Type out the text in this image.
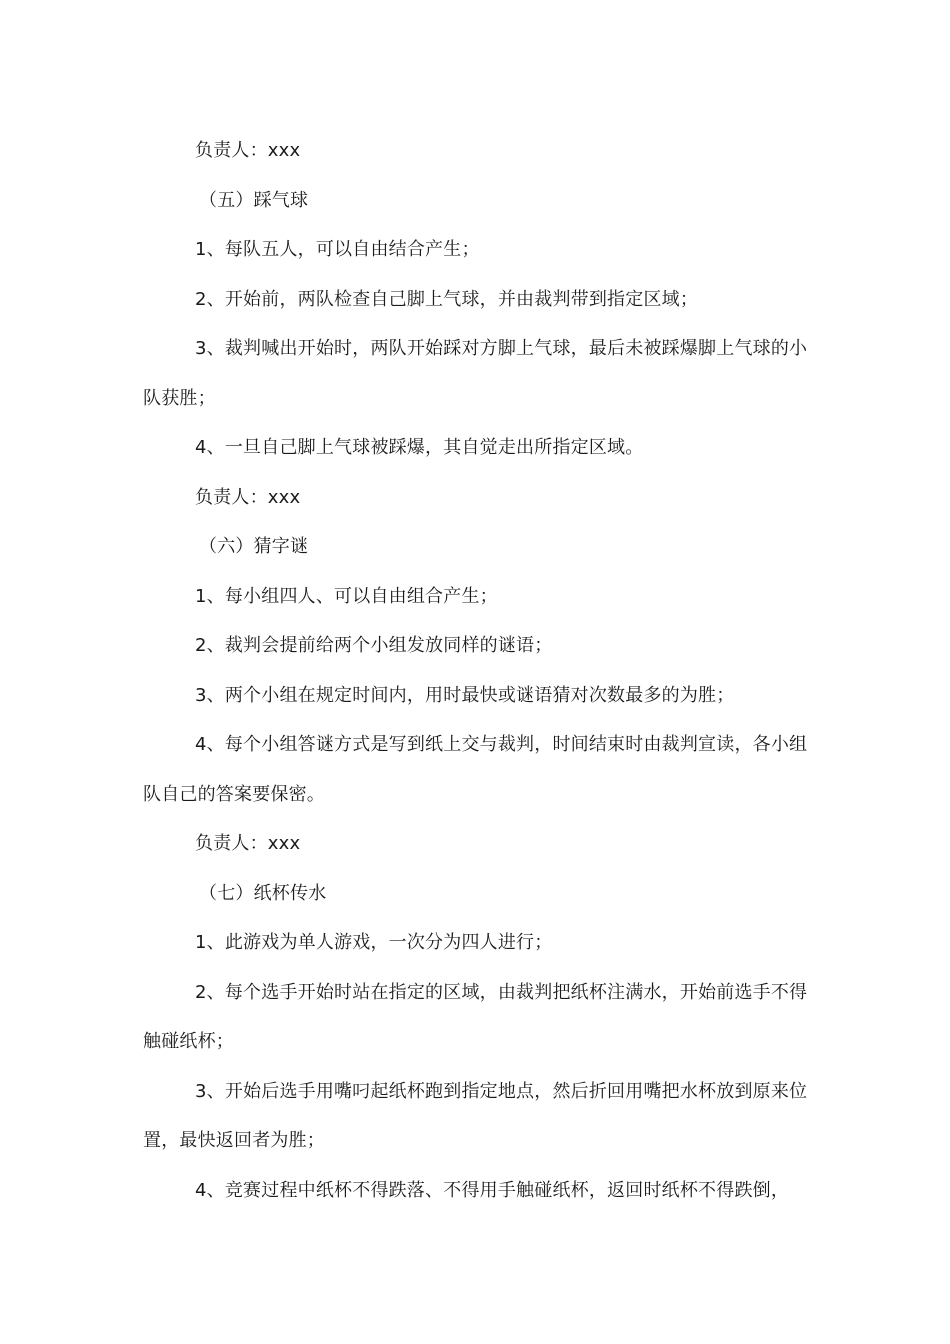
负责人：xxx

（五）踩气球

1、每队五人，可以自由结合产生；

2、开始前，两队检查自己脚上气球，并由裁判带到指定区域；

3、裁判喊出开始时，两队开始踩对方脚上气球，最后未被踩爆脚上气球的小队获胜；

4、一旦自己脚上气球被踩爆，其自觉走出所指定区域。

负责人：xxx

（六）猜字谜

1、每小组四人、可以自由组合产生；

2、裁判会提前给两个小组发放同样的谜语；

3、两个小组在规定时间内，用时最快或谜语猜对次数最多的为胜；

4、每个小组答谜方式是写到纸上交与裁判，时间结束时由裁判宣读，各小组队自己的答案要保密。

负责人：xxx

（七）纸杯传水

1、此游戏为单人游戏，一次分为四人进行；

2、每个选手开始时站在指定的区域，由裁判把纸杯注满水，开始前选手不得触碰纸杯；

3、开始后选手用嘴叼起纸杯跑到指定地点，然后折回用嘴把水杯放到原来位置，最快返回者为胜；

4、竞赛过程中纸杯不得跌落、不得用手触碰纸杯，返回时纸杯不得跌倒，
